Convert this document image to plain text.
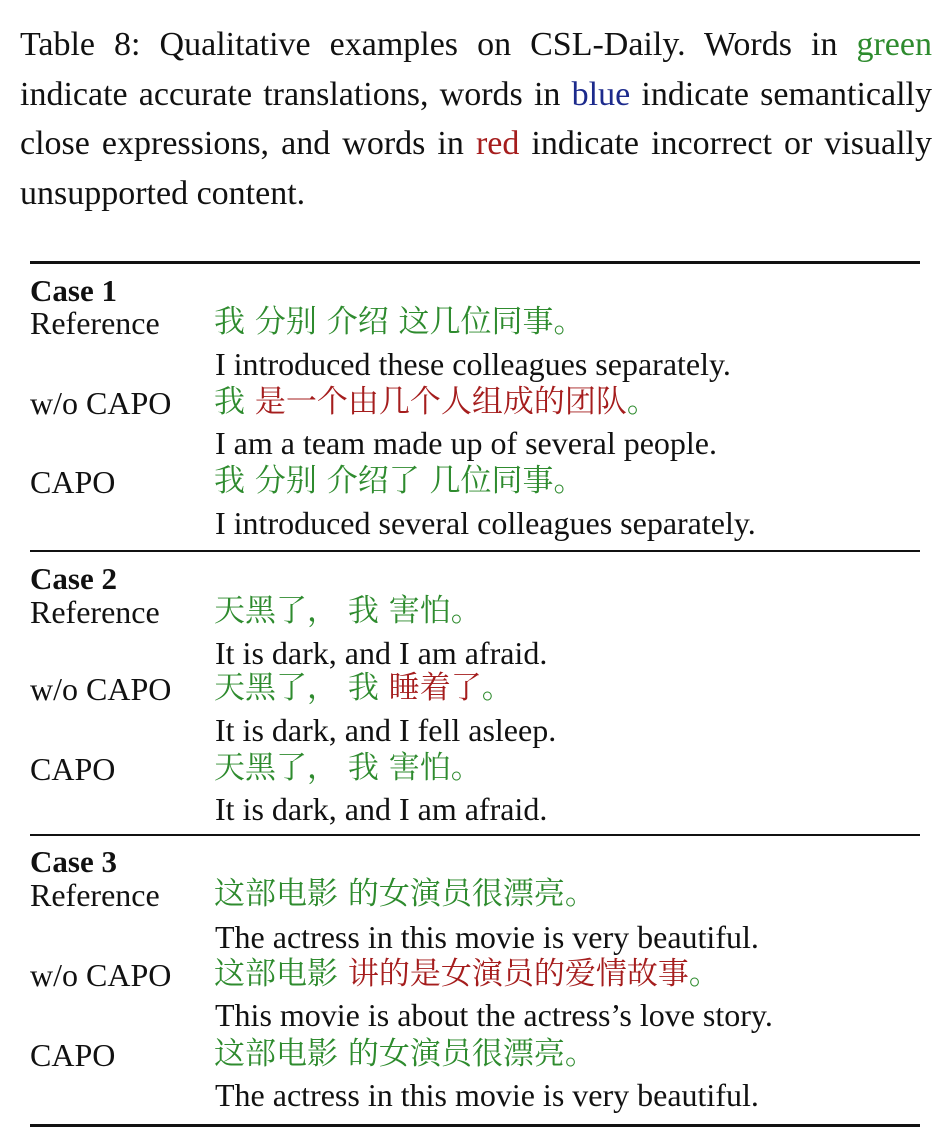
Table 8: Qualitative examples on CSL-Daily. Words in green indicate accurate translations, words in blue indicate semantically close expressions, and words in red indicate incorrect or visually unsupported content.

Case 1
Reference 我 分别 介绍 这几位同事。
I introduced these colleagues separately.
w/o CAPO 我 是一个由几个人组成的团队。
I am a team made up of several people.
CAPO	我 分别 介绍了 几位同事。
I introduced several colleagues separately.
Case 2
Reference 天黑了， 我 害怕。
It is dark, and I am afraid.
w/o CAPO 天黑了， 我 睡着了。
It is dark, and I fell asleep.
CAPO	天黑了， 我 害怕。
It is dark, and I am afraid.
Case 3
Reference 这部电影 的女演员很漂亮。
The actress in this movie is very beautiful.
w/o CAPO 这部电影 讲的是女演员的爱情故事。
This movie is about the actress’s love story.
CAPO	这部电影 的女演员很漂亮。
The actress in this movie is very beautiful.
